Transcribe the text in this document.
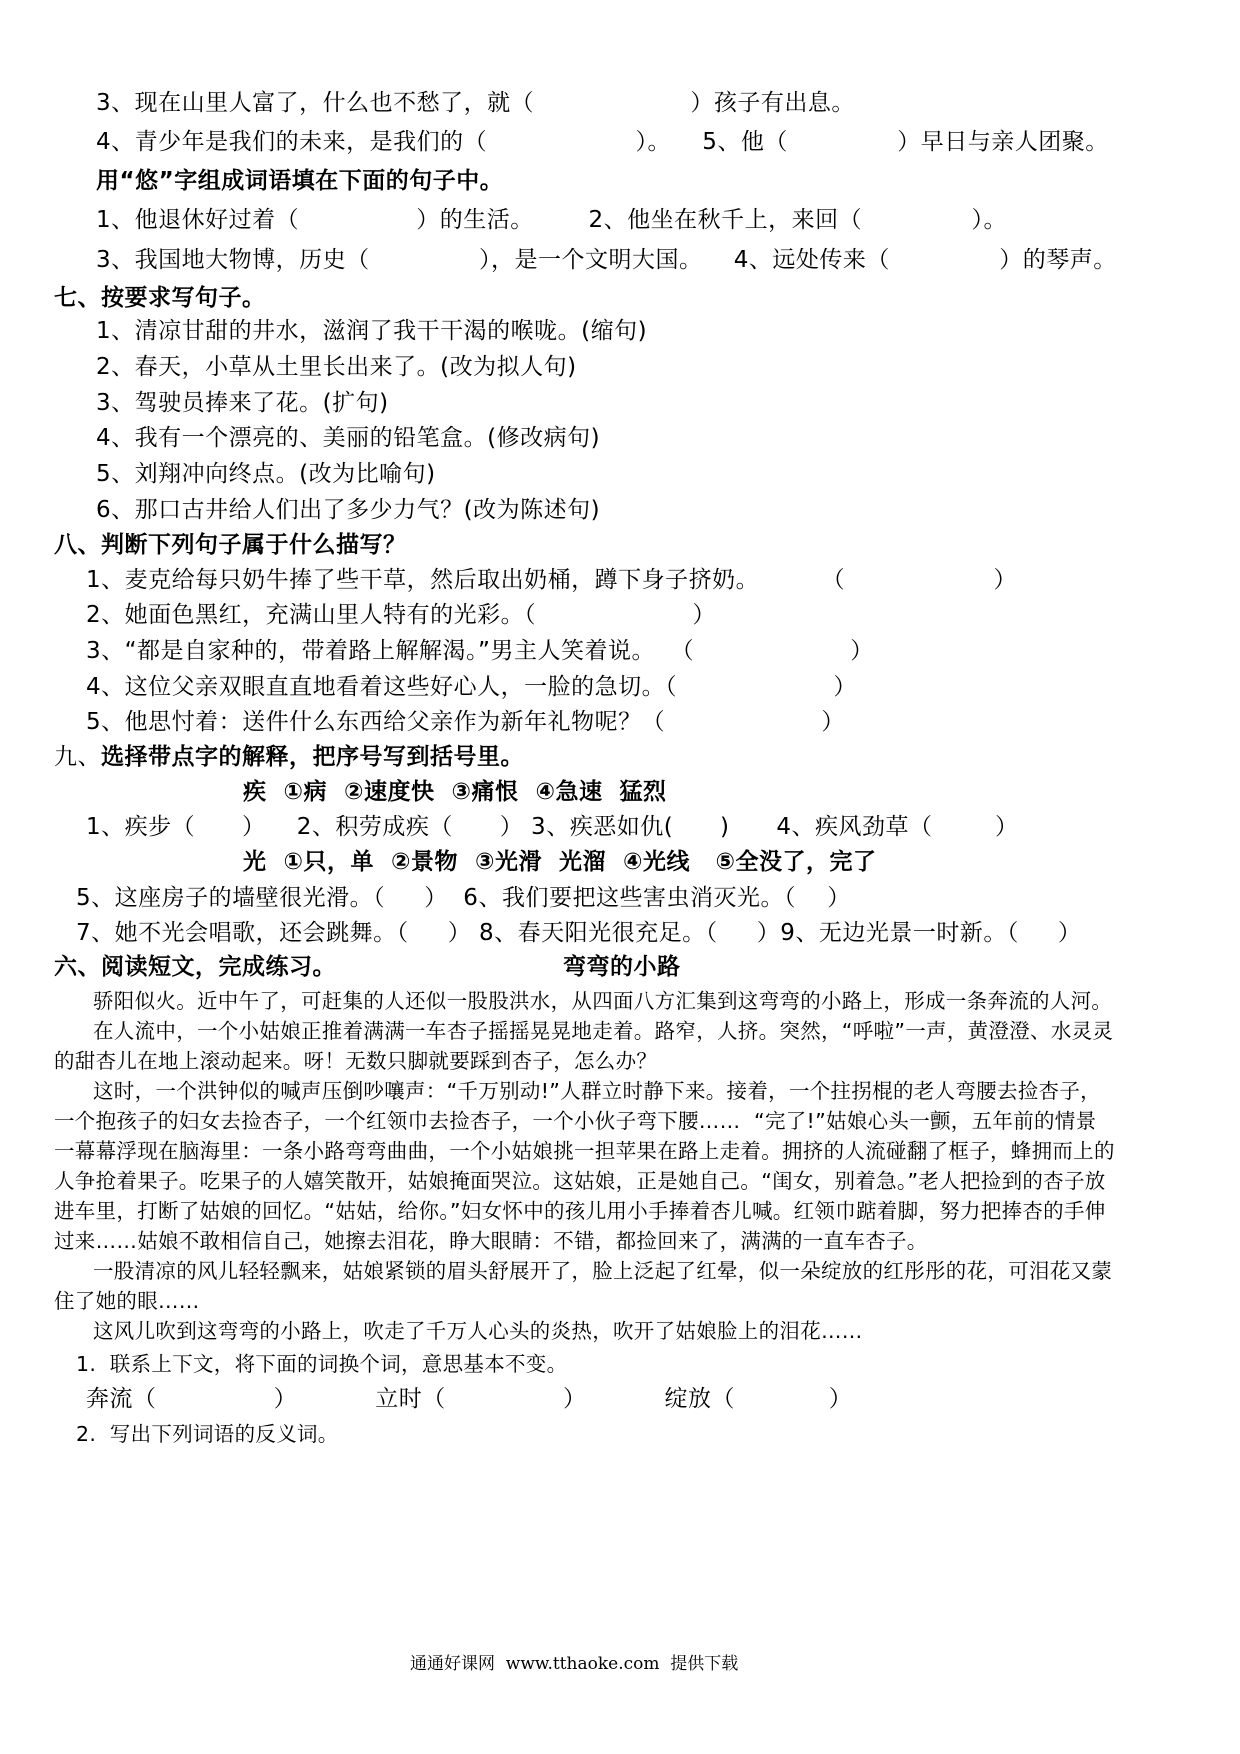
3、现在山里人富了，什么也不愁了，就（                    ）孩子有出息。
4、青少年是我们的未来，是我们的（                   ）。    5、他（              ）早日与亲人团聚。
用“悠”字组成词语填在下面的句子中。
1、他退休好过着（               ）的生活。       2、他坐在秋千上，来回（              ）。
3、我国地大物博，历史（              ），是一个文明大国。    4、远处传来（              ）的琴声。
七、按要求写句子。
1、清凉甘甜的井水，滋润了我干干渴的喉咙。(缩句)
2、春天，小草从土里长出来了。(改为拟人句)
3、驾驶员捧来了花。(扩句)
4、我有一个漂亮的、美丽的铅笔盒。(修改病句)
5、刘翔冲向终点。(改为比喻句)
6、那口古井给人们出了多少力气？(改为陈述句)
八、判断下列句子属于什么描写？
1、麦克给每只奶牛捧了些干草，然后取出奶桶，蹲下身子挤奶。        （                   ）
2、她面色黑红，充满山里人特有的光彩。（                    ）
3、“都是自家种的，带着路上解解渴。”男主人笑着说。  （                    ）
4、这位父亲双眼直直地看着这些好心人，一脸的急切。（                    ）
5、他思忖着：送件什么东西给父亲作为新年礼物呢？（                    ）
九、选择带点字的解释，把序号写到括号里。
疾  ①病  ②速度快  ③痛恨  ④急速  猛烈
1、疾步（      ）    2、积劳成疾（      ） 3、疾恶如仇(      )      4、疾风劲草（        ）
光  ①只，单  ②景物  ③光滑  光溜  ④光线   ⑤全没了，完了
5、这座房子的墙壁很光滑。（     ）  6、我们要把这些害虫消灭光。（    ）
7、她不光会唱歌，还会跳舞。（     ） 8、春天阳光很充足。（     ）9、无边光景一时新。（     ）
六、阅读短文，完成练习。	弯弯的小路
骄阳似火。近中午了，可赶集的人还似一股股洪水，从四面八方汇集到这弯弯的小路上，形成一条奔流的人河。
在人流中，一个小姑娘正推着满满一车杏子摇摇晃晃地走着。路窄，人挤。突然，“呼啦”一声，黄澄澄、水灵灵
的甜杏儿在地上滚动起来。呀！无数只脚就要踩到杏子，怎么办？
这时，一个洪钟似的喊声压倒吵嚷声：“千万别动!”人群立时静下来。接着，一个拄拐棍的老人弯腰去捡杏子，
一个抱孩子的妇女去捡杏子，一个红领巾去捡杏子，一个小伙子弯下腰……  “完了!”姑娘心头一颤，五年前的情景
一幕幕浮现在脑海里：一条小路弯弯曲曲，一个小姑娘挑一担苹果在路上走着。拥挤的人流碰翻了框子，蜂拥而上的
人争抢着果子。吃果子的人嬉笑散开，姑娘掩面哭泣。这姑娘，正是她自己。“闺女，别着急。”老人把捡到的杏子放
进车里，打断了姑娘的回忆。“姑姑，给你。”妇女怀中的孩儿用小手捧着杏儿喊。红领巾踮着脚，努力把捧杏的手伸
过来……姑娘不敢相信自己，她擦去泪花，睁大眼睛：不错，都捡回来了，满满的一直车杏子。
一股清凉的风儿轻轻飘来，姑娘紧锁的眉头舒展开了，脸上泛起了红晕，似一朵绽放的红彤彤的花，可泪花又蒙
住了她的眼……
这风儿吹到这弯弯的小路上，吹走了千万人心头的炎热，吹开了姑娘脸上的泪花……
1.  联系上下文，将下面的词换个词，意思基本不变。
奔流（               ）          立时（               ）          绽放（            ）
2.  写出下列词语的反义词。
通通好课网  www.tthaoke.com  提供下载
